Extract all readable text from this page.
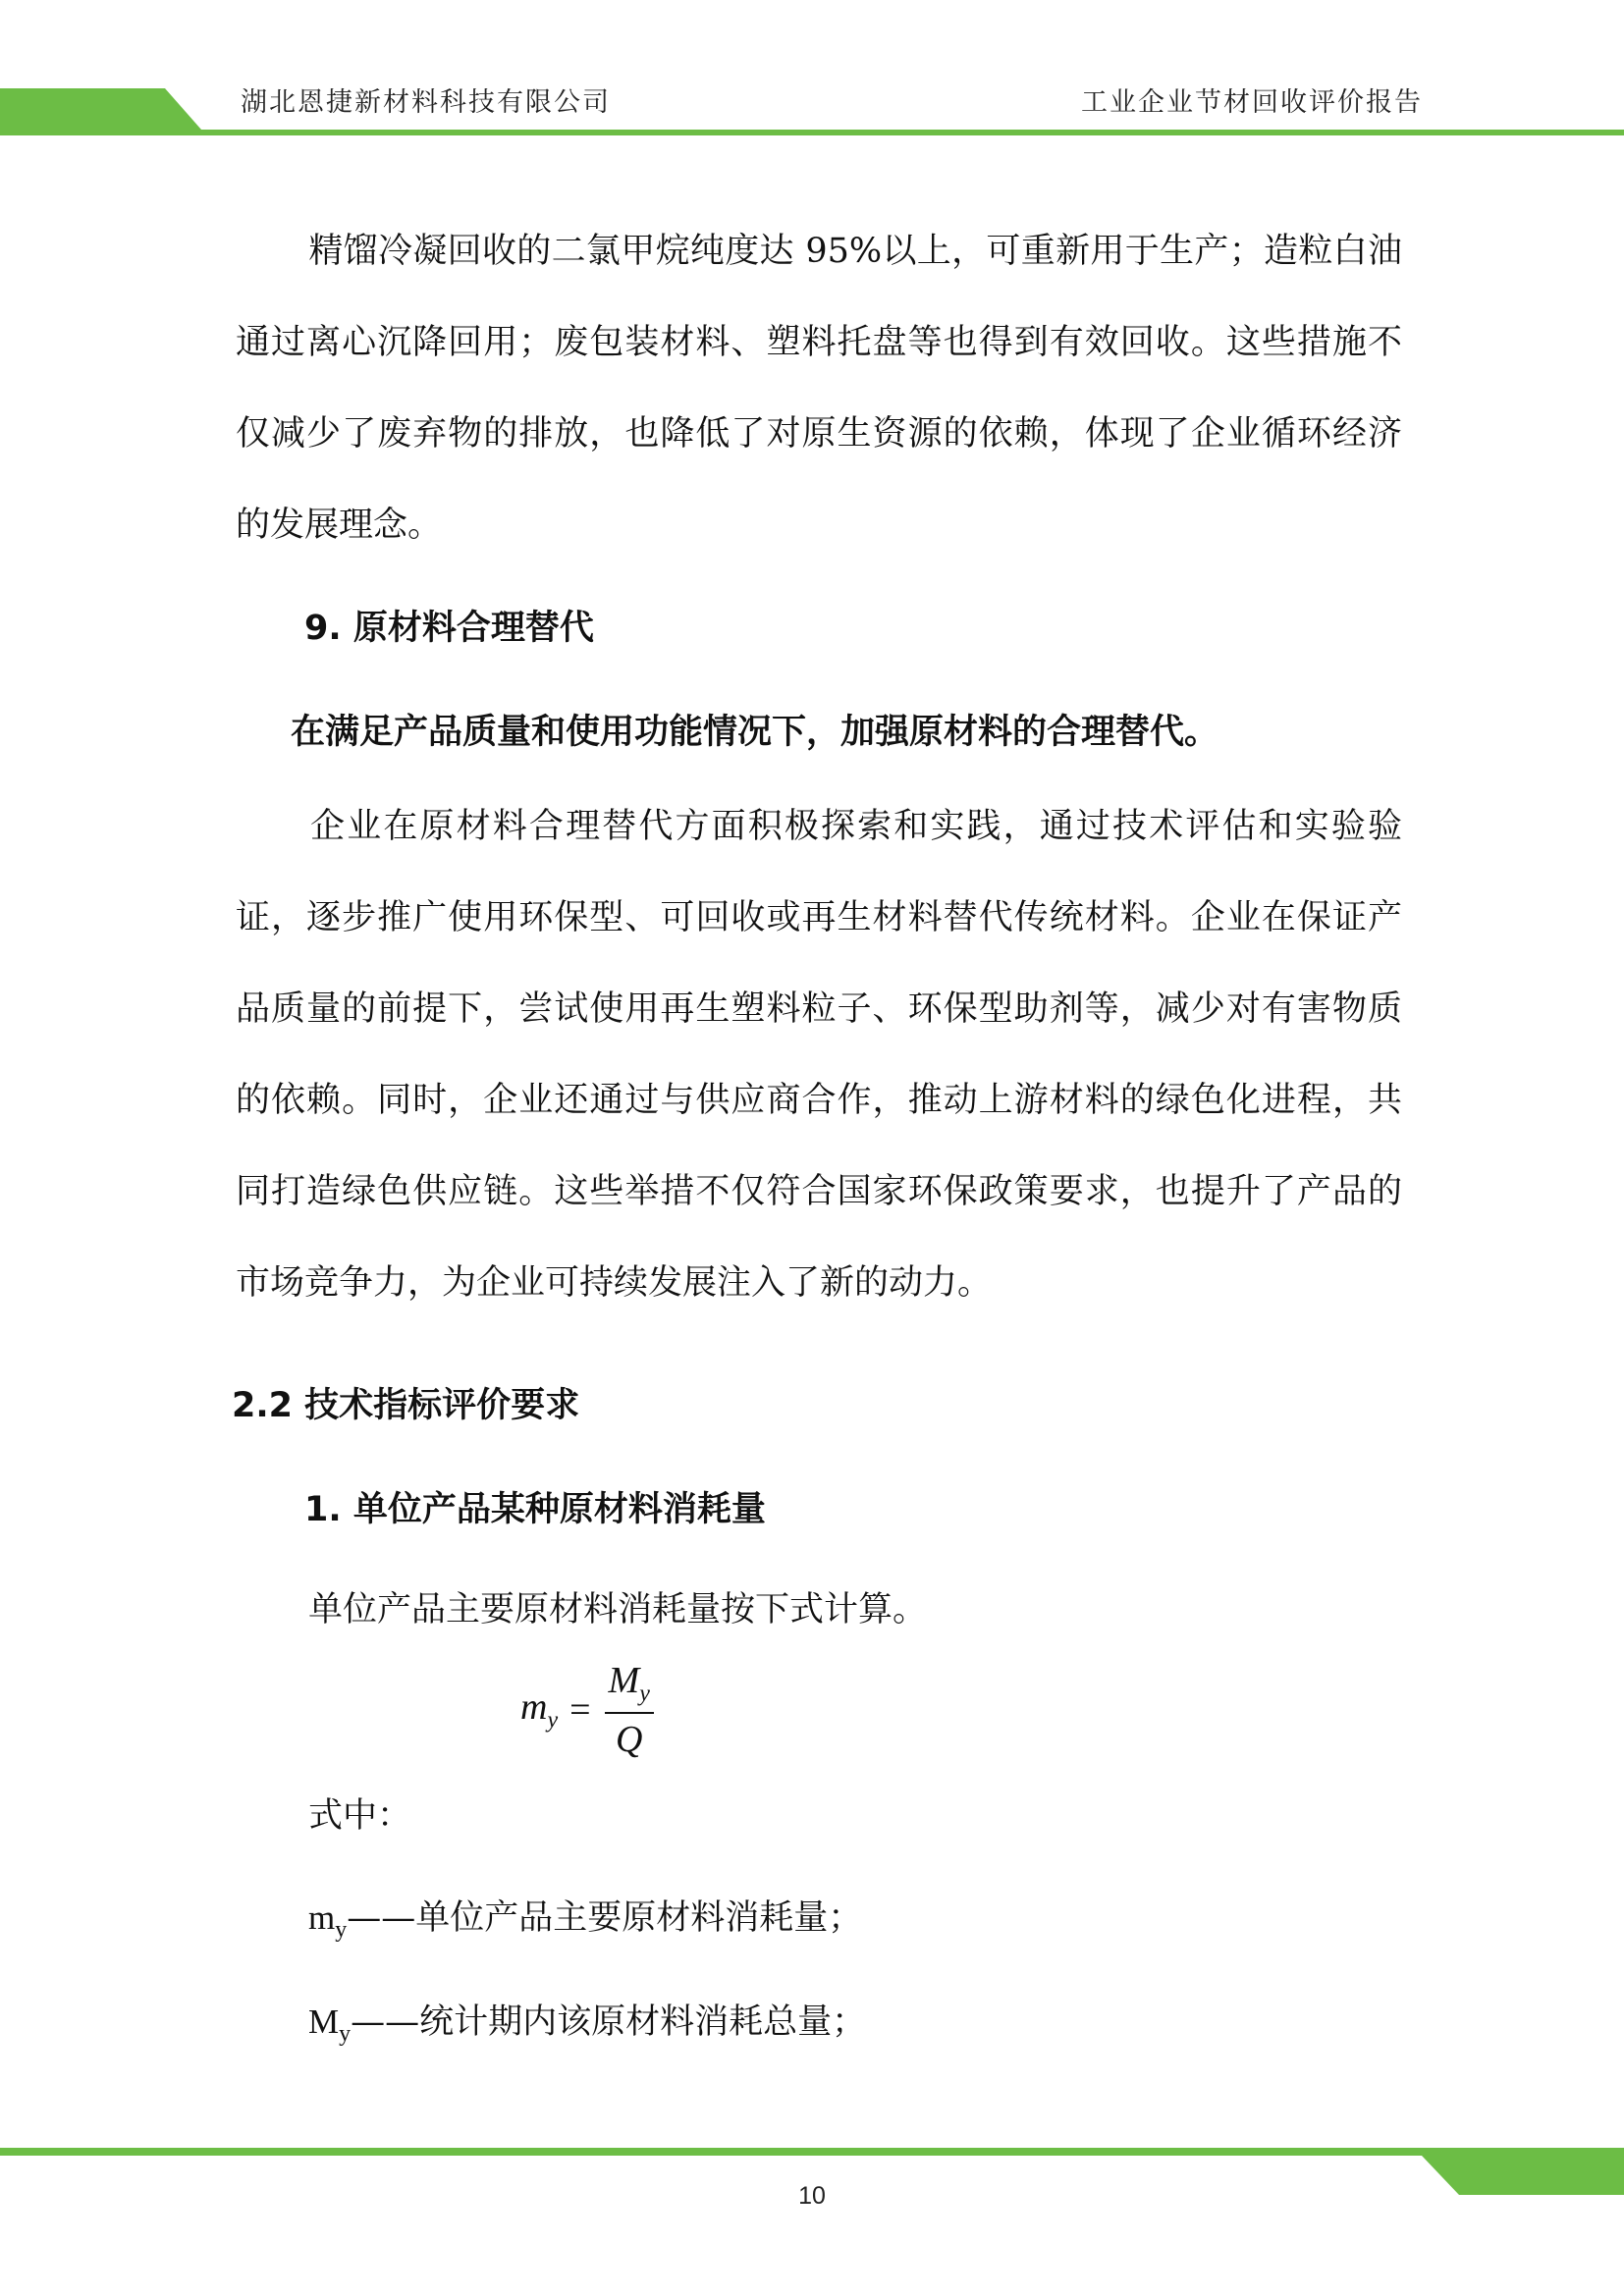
湖北恩捷新材料科技有限公司	工业企业节材回收评价报告

精馏冷凝回收的二氯甲烷纯度达 95%以上，可重新用于生产；造粒白油通过离心沉降回用；废包装材料、塑料托盘等也得到有效回收。这些措施不仅减少了废弃物的排放，也降低了对原生资源的依赖，体现了企业循环经济的发展理念。

9. 原材料合理替代

在满足产品质量和使用功能情况下，加强原材料的合理替代。

企业在原材料合理替代方面积极探索和实践，通过技术评估和实验验证，逐步推广使用环保型、可回收或再生材料替代传统材料。企业在保证产品质量的前提下，尝试使用再生塑料粒子、环保型助剂等，减少对有害物质的依赖。同时，企业还通过与供应商合作，推动上游材料的绿色化进程，共同打造绿色供应链。这些举措不仅符合国家环保政策要求，也提升了产品的市场竞争力，为企业可持续发展注入了新的动力。

2.2 技术指标评价要求

1. 单位产品某种原材料消耗量

单位产品主要原材料消耗量按下式计算。

式中：

$m_y——$单位产品主要原材料消耗量；

$M_y——$统计期内该原材料消耗总量；

$m_y = \frac{M_y}{Q}$
10
